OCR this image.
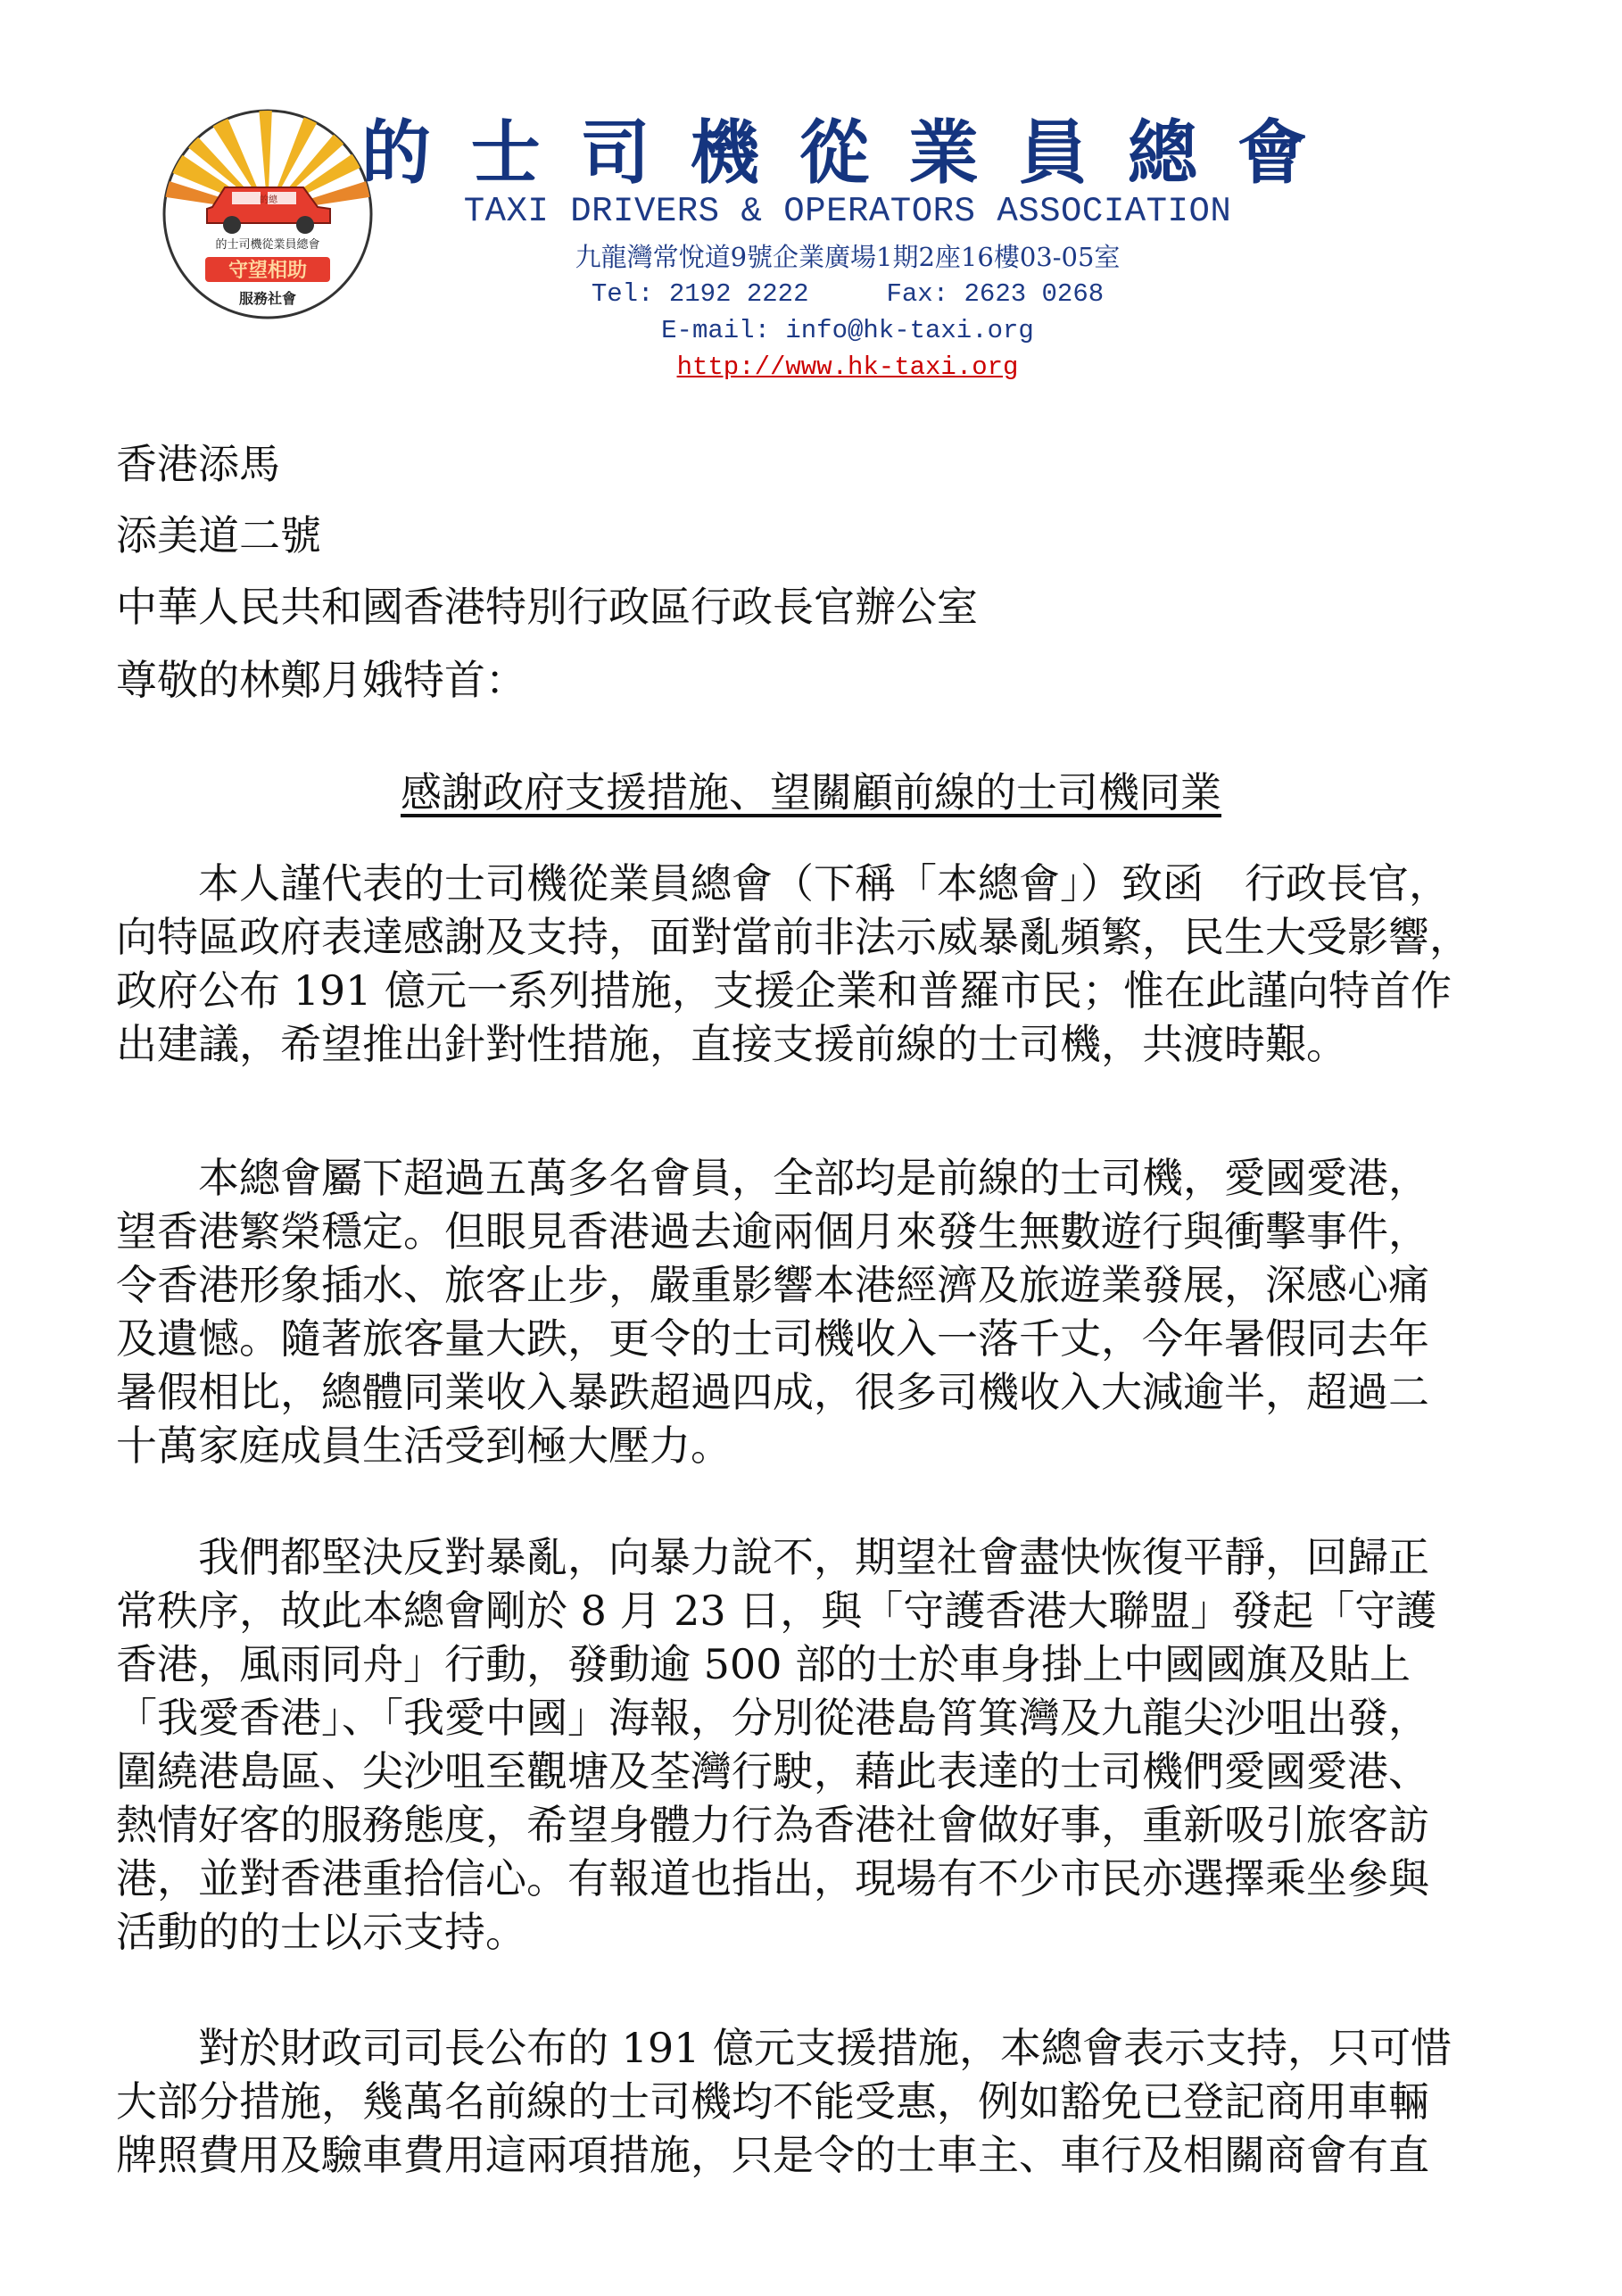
的總
的士司機從業員總會
守望相助
服務社會
的 士 司 機 從 業 員 總 會
TAXI DRIVERS & OPERATORS ASSOCIATION
九龍灣常悅道9號企業廣場1期2座16樓03-05室
Tel: 2192 2222     Fax: 2623 0268
E-mail: info@hk-taxi.org
http://www.hk-taxi.org
香港添馬
添美道二號
中華人民共和國香港特別行政區行政長官辦公室
尊敬的林鄭月娥特首：
感謝政府支援措施、望關顧前線的士司機同業
　　本人謹代表的士司機從業員總會（下稱「本總會」）致函　行政長官，
向特區政府表達感謝及支持，面對當前非法示威暴亂頻繁，民生大受影響，
政府公布 191 億元一系列措施，支援企業和普羅市民；惟在此謹向特首作
出建議，希望推出針對性措施，直接支援前線的士司機，共渡時艱。
　　本總會屬下超過五萬多名會員，全部均是前線的士司機，愛國愛港，
望香港繁榮穩定。但眼見香港過去逾兩個月來發生無數遊行與衝擊事件，
令香港形象插水、旅客止步，嚴重影響本港經濟及旅遊業發展，深感心痛
及遺憾。隨著旅客量大跌，更令的士司機收入一落千丈，今年暑假同去年
暑假相比，總體同業收入暴跌超過四成，很多司機收入大減逾半，超過二
十萬家庭成員生活受到極大壓力。
　　我們都堅決反對暴亂，向暴力說不，期望社會盡快恢復平靜，回歸正
常秩序，故此本總會剛於 8 月 23 日，與「守護香港大聯盟」發起「守護
香港，風雨同舟」行動，發動逾 500 部的士於車身掛上中國國旗及貼上
「我愛香港」、「我愛中國」海報，分別從港島筲箕灣及九龍尖沙咀出發，
圍繞港島區、尖沙咀至觀塘及荃灣行駛，藉此表達的士司機們愛國愛港、
熱情好客的服務態度，希望身體力行為香港社會做好事，重新吸引旅客訪
港，並對香港重拾信心。有報道也指出，現場有不少市民亦選擇乘坐參與
活動的的士以示支持。
　　對於財政司司長公布的 191 億元支援措施，本總會表示支持，只可惜
大部分措施，幾萬名前線的士司機均不能受惠，例如豁免已登記商用車輛
牌照費用及驗車費用這兩項措施，只是令的士車主、車行及相關商會有直
